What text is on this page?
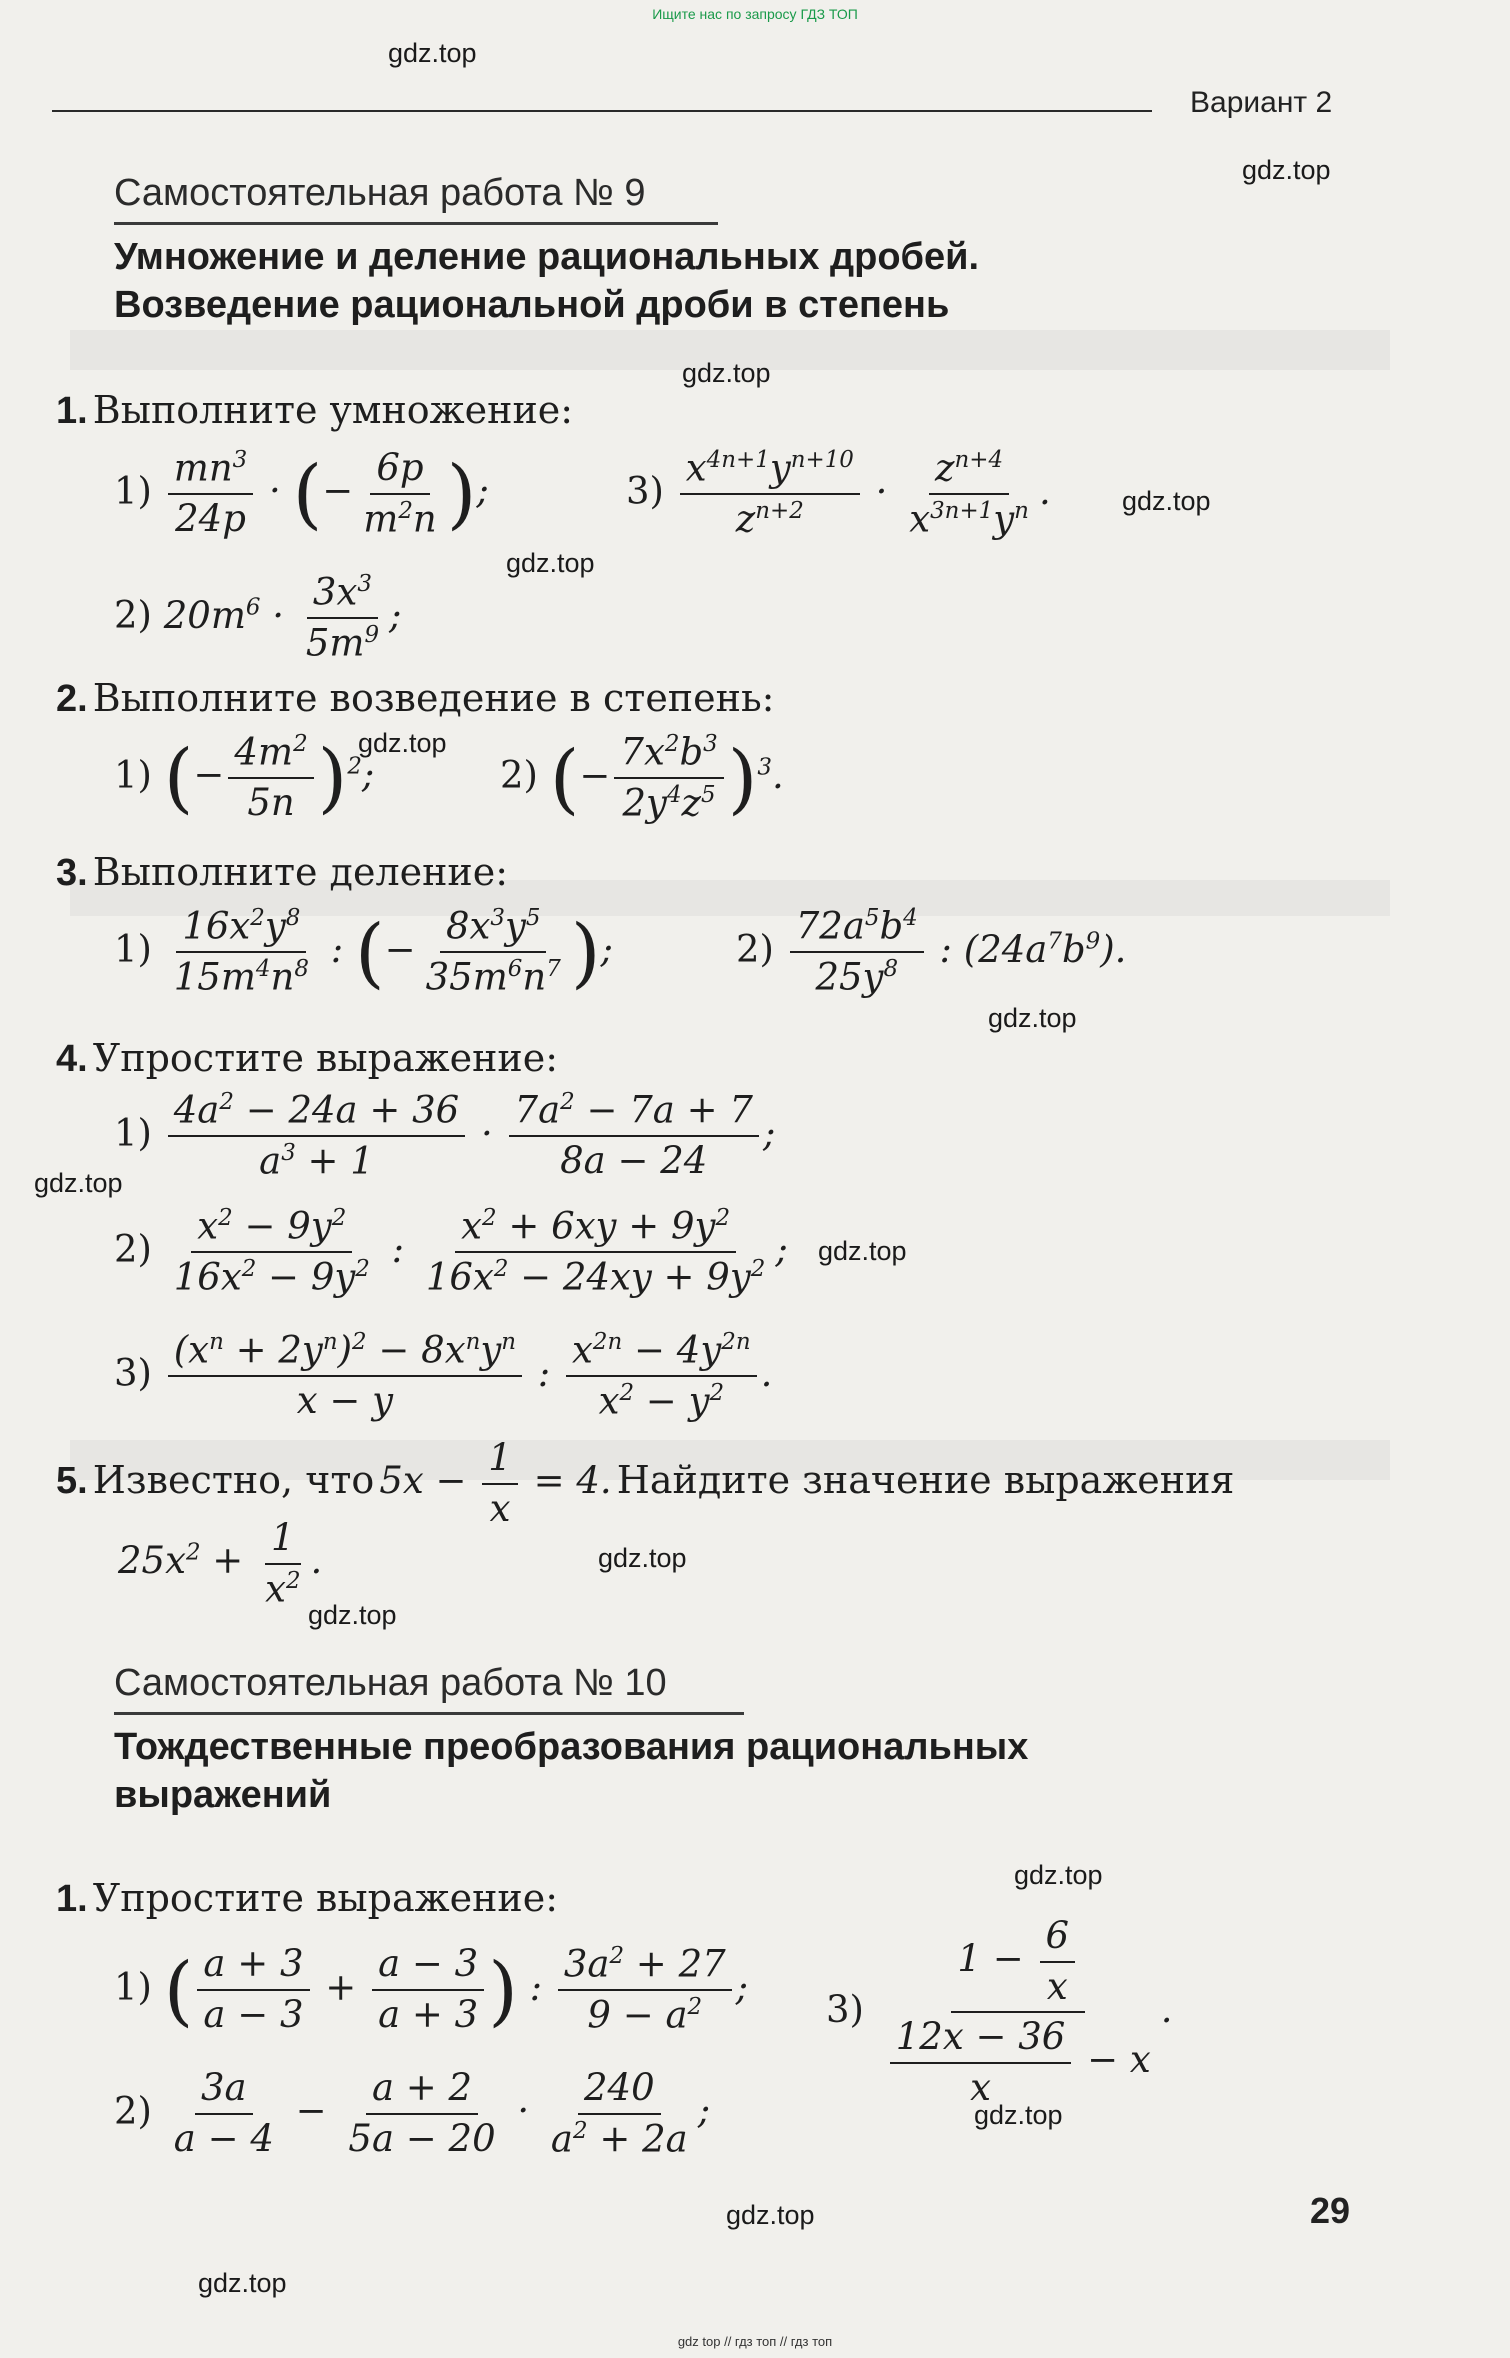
Ищите нас по запросу ГДЗ ТОП
Вариант 2
gdz.top
gdz.top
gdz.top
gdz.top
gdz.top
gdz.top
gdz.top
gdz.top
gdz.top
gdz.top
gdz.top
gdz.top
gdz.top
gdz.top
gdz.top
Самостоятельная работа № 9
Умножение и деление рациональных дробей.
Возведение рациональной дроби в степень
1. Выполните умножение:
$1) \frac{mn^3}{24p}$ · (− $\frac{6p}{m^2n}$ );	$3) \frac{x^{4n+1}y^{n+10}}{z^{n+2}} \cdot \frac{z^{n+4}}{x^{3n+1}y^n}$ .
2) $20m^6 \cdot \frac{3x^3}{5m^9}$ ;
2. Выполните возведение в степень:
1) (− $\frac{4m^2}{5n} )^2$;	2) (− $\frac{7x^2b^3}{2y^4z^5} )^3$.
3. Выполните деление:
$1) \frac{16x^2y^8}{15m^4n^8}$ : (− $\frac{8x^3y^5}{35m^6n^7}$ );	$2) \frac{72a^5b^4}{25y^8}$ : $(24a^7b^9)$.
4. Упростите выражение:
$1) \frac{4a^2 - 24a + 36}{a^3 + 1} \cdot \frac{7a^2 - 7a + 7}{8a - 24}$ ;
$2) \frac{x^2 - 9y^2}{16x^2 - 9y^2}$ : $\frac{x^2 + 6xy + 9y^2}{16x^2 - 24xy + 9y^2}$ ;
$3) \frac{(x^n + 2y^n)^2 - 8x^ny^n}{x - y}$ : $\frac{x^{2n} - 4y^{2n}}{x^2 - y^2}$ .
5. Известно, что $5x - \frac{1}{x} = 4$. Найдите значение выражения
$25x^2 + \frac{1}{x^2}$ .
Самостоятельная работа № 10
Тождественные преобразования рациональных
выражений
1. Упростите выражение:
1) ( $\frac{a + 3}{a - 3} + \frac{a - 3}{a + 3}$ ) : $\frac{3a^2 + 27}{9 - a^2}$ ;
$3) \frac{1 - \frac{6}{x}}{\frac{12x - 36}{x} - x}$ .
$2) \frac{3a}{a - 4} - \frac{a + 2}{5a - 20} \cdot \frac{240}{a^2 + 2a}$ ;
29
gdz top // гдз топ // гдз топ
